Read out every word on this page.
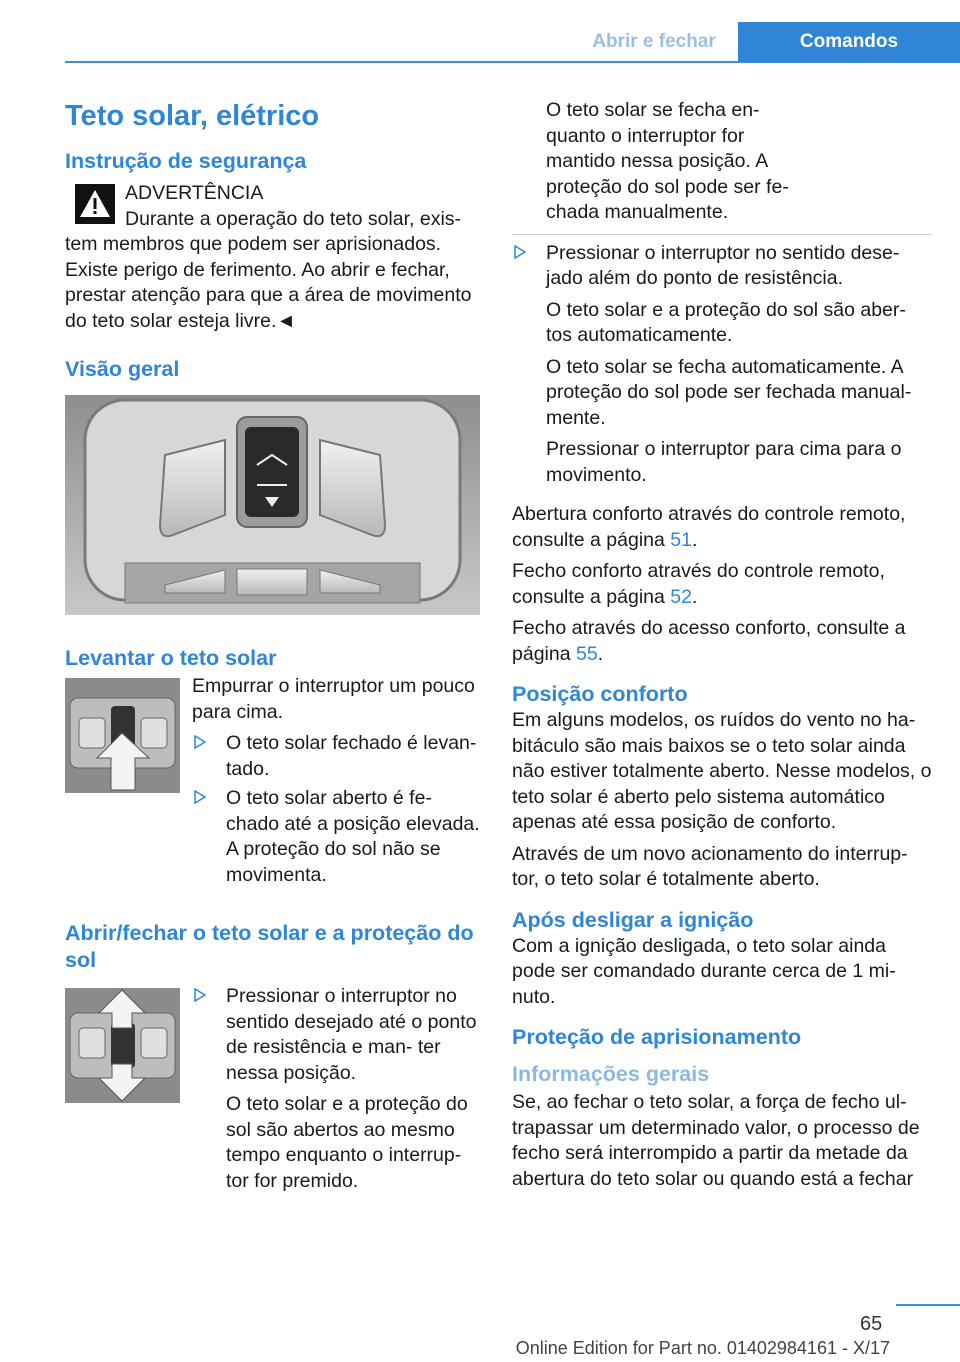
Abrir e fechar	Comandos
Teto solar, elétrico
Instrução de segurança

ADVERTÊNCIA

Durante a operação do teto solar, exis‐

tem membros que podem ser aprisionados. Existe perigo de ferimento. Ao abrir e fechar, prestar atenção para que a área de movimento do teto solar esteja livre.◄

Visão geral
Levantar o teto solar

Empurrar o interruptor um pouco para cima.

O teto solar fechado é levan‐ tado.
O teto solar aberto é fe‐ chado até a posição elevada. A proteção do sol não se movimenta.
Abrir/fechar o teto solar e a proteção do sol
Pressionar o interruptor no sentido desejado até o ponto de resistência e man‐ ter nessa posição.

O teto solar e a proteção do sol são abertos ao mesmo tempo enquanto o interrup‐ tor for premido.

O teto solar se fecha en‐ quanto o interruptor for mantido nessa posição. A proteção do sol pode ser fe‐ chada manualmente.

Pressionar o interruptor no sentido dese‐ jado além do ponto de resistência.

O teto solar e a proteção do sol são aber‐ tos automaticamente.

O teto solar se fecha automaticamente. A proteção do sol pode ser fechada manual‐ mente.

Pressionar o interruptor para cima para o movimento.

Abertura conforto através do controle remoto, consulte a página 51.

Fecho conforto através do controle remoto, consulte a página 52.

Fecho através do acesso conforto, consulte a página 55.

Posição conforto

Em alguns modelos, os ruídos do vento no ha‐ bitáculo são mais baixos se o teto solar ainda não estiver totalmente aberto. Nesse modelos, o teto solar é aberto pelo sistema automático apenas até essa posição de conforto.

Através de um novo acionamento do interrup‐ tor, o teto solar é totalmente aberto.

Após desligar a ignição

Com a ignição desligada, o teto solar ainda pode ser comandado durante cerca de 1 mi‐ nuto.

Proteção de aprisionamento
Informações gerais

Se, ao fechar o teto solar, a força de fecho ul‐ trapassar um determinado valor, o processo de fecho será interrompido a partir da metade da abertura do teto solar ou quando está a fechar

65
Online Edition for Part no. 01402984161 - X/17
